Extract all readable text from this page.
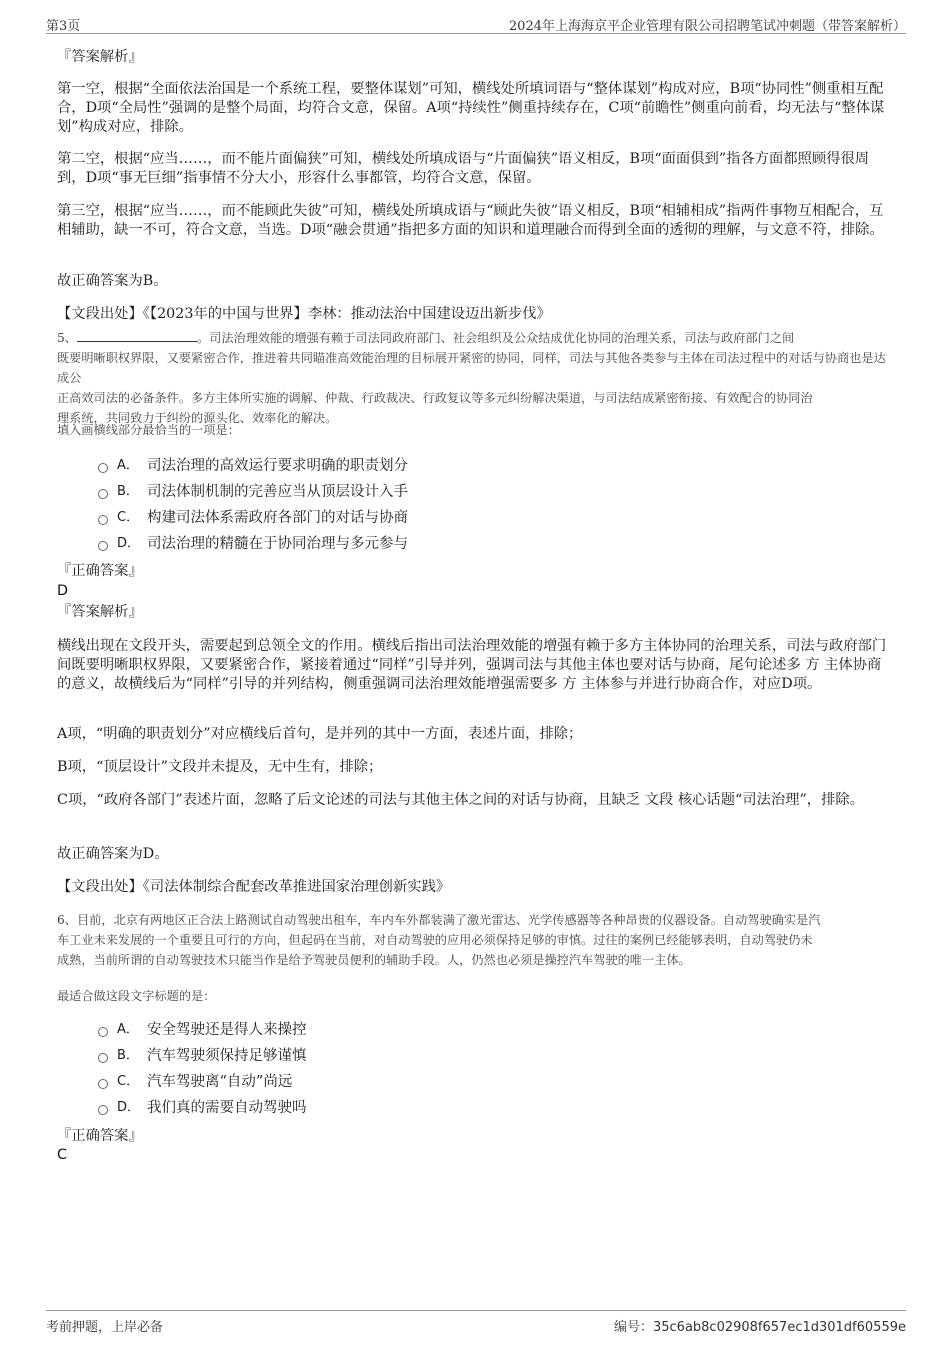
第3页	2024年上海海京平企业管理有限公司招聘笔试冲刺题（带答案解析）
『答案解析』
第一空，根据“全面依法治国是一个系统工程，要整体谋划”可知，横线处所填词语与“整体谋划”构成对应，B项“协同性”侧重相互配合，D项“全局性”强调的是整个局面，均符合文意，保留。A项“持续性”侧重持续存在，C项“前瞻性”侧重向前看，均无法与“整体谋划”构成对应，排除。
第二空，根据“应当……，而不能片面偏狭”可知，横线处所填成语与“片面偏狭”语义相反，B项“面面俱到”指各方面都照顾得很周到，D项“事无巨细”指事情不分大小，形容什么事都管，均符合文意，保留。
第三空，根据“应当……，而不能顾此失彼”可知，横线处所填成语与“顾此失彼”语义相反，B项“相辅相成”指两件事物互相配合，互相辅助，缺一不可，符合文意，当选。D项“融会贯通”指把多方面的知识和道理融合而得到全面的透彻的理解，与文意不符，排除。
故正确答案为B。
【文段出处】《【2023年的中国与世界】李林：推动法治中国建设迈出新步伐》
5、	。司法治理效能的增强有赖于司法同政府部门、社会组织及公众结成优化协同的治理关系，司法与政府部门之间
既要明晰职权界限，又要紧密合作，推进着共同瞄准高效能治理的目标展开紧密的协同，同样，司法与其他各类参与主体在司法过程中的对话与协商也是达成公
正高效司法的必备条件。多方主体所实施的调解、仲裁、行政裁决、行政复议等多元纠纷解决渠道，与司法结成紧密衔接、有效配合的协同治
理系统，共同致力于纠纷的源头化、效率化的解决。
填入画横线部分最恰当的一项是：
A． 司法治理的高效运行要求明确的职责划分
B． 司法体制机制的完善应当从顶层设计入手
C． 构建司法体系需政府各部门的对话与协商
D． 司法治理的精髓在于协同治理与多元参与
『正确答案』
D
『答案解析』
横线出现在文段开头，需要起到总领全文的作用。横线后指出司法治理效能的增强有赖于多方主体协同的治理关系，司法与政府部门间既要明晰职权界限，又要紧密合作，紧接着通过“同样”引导并列，强调司法与其他主体也要对话与协商，尾句论述多 方 主体协商的意义，故横线后为“同样”引导的并列结构，侧重强调司法治理效能增强需要多 方 主体参与并进行协商合作，对应D项。
A项，“明确的职责划分”对应横线后首句，是并列的其中一方面，表述片面，排除；
B项，“顶层设计”文段并未提及，无中生有，排除；
C项，“政府各部门”表述片面，忽略了后文论述的司法与其他主体之间的对话与协商，且缺乏 文段 核心话题“司法治理”，排除。
故正确答案为D。
【文段出处】《司法体制综合配套改革推进国家治理创新实践》
6、目前，北京有两地区正合法上路测试自动驾驶出租车，车内车外都装满了激光雷达、光学传感器等各种昂贵的仪器设备。自动驾驶确实是汽
车工业未来发展的一个重要且可行的方向，但起码在当前，对自动驾驶的应用必须保持足够的审慎。过往的案例已经能够表明，自动驾驶仍未
成熟，当前所谓的自动驾驶技术只能当作是给予驾驶员便利的辅助手段。人，仍然也必须是操控汽车驾驶的唯一主体。
最适合做这段文字标题的是：
A． 安全驾驶还是得人来操控
B． 汽车驾驶须保持足够谨慎
C． 汽车驾驶离“自动”尚远
D． 我们真的需要自动驾驶吗
『正确答案』
C
考前押题，上岸必备	编号：35c6ab8c02908f657ec1d301df60559e
